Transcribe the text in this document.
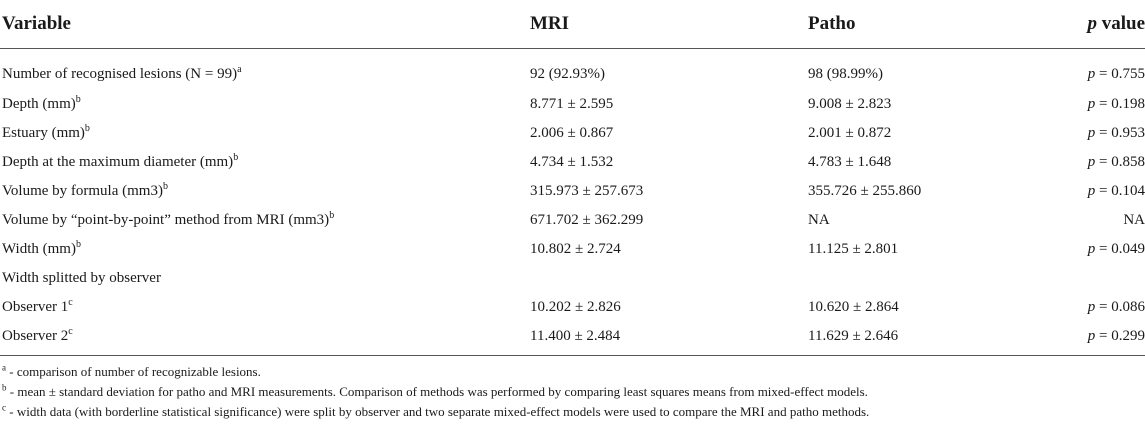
Variable	MRI	Patho	p value
Number of recognised lesions (N = 99)$^a$	92 (92.93%)	98 (98.99%)	p = 0.755
Depth (mm)$^b$	8.771 ± 2.595	9.008 ± 2.823	p = 0.198
Estuary (mm)$^b$	2.006 ± 0.867	2.001 ± 0.872	p = 0.953
Depth at the maximum diameter (mm)$^b$	4.734 ± 1.532	4.783 ± 1.648	p = 0.858
Volume by formula $(mm3)^b$	315.973 ± 257.673	355.726 ± 255.860	p = 0.104
Volume by “point-by-point” method from MRI $(mm3)^b$	671.702 ± 362.299	NA	NA
Width (mm)$^b$	10.802 ± 2.724	11.125 ± 2.801	p = 0.049
Width splitted by observer			
Observer 1$^c$	10.202 ± 2.826	10.620 ± 2.864	p = 0.086
Observer 2$^c$	11.400 ± 2.484	11.629 ± 2.646	p = 0.299
$^a$ - comparison of number of recognizable lesions.
$^b$ - mean ± standard deviation for patho and MRI measurements. Comparison of methods was performed by comparing least squares means from mixed-effect models.
$^c$ - width data (with borderline statistical significance) were split by observer and two separate mixed-effect models were used to compare the MRI and patho methods.
